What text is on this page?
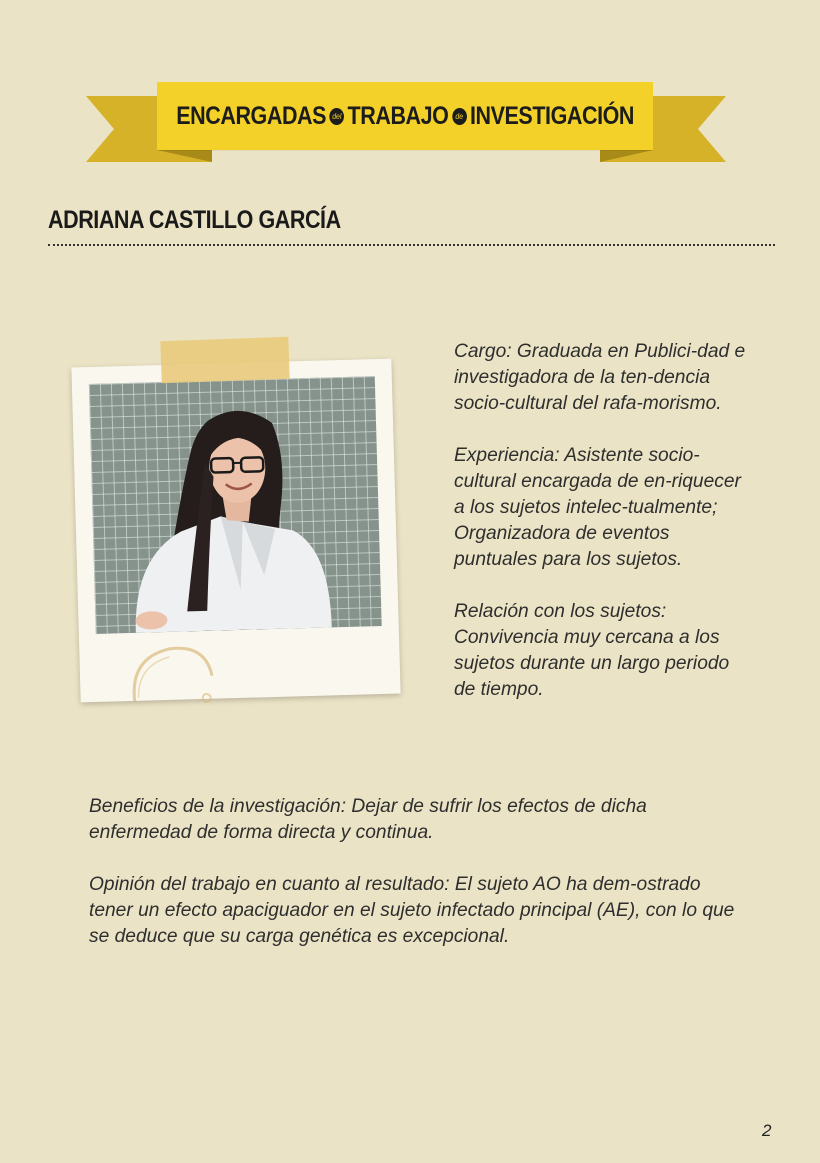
ENCARGADAS del TRABAJO de INVESTIGACIÓN
ADRIANA CASTILLO GARCÍA

Cargo: Graduada en Publici-dad e investigadora de la ten-dencia socio-cultural del rafa-morismo.

Experiencia: Asistente socio-cultural encargada de en-riquecer a los sujetos intelec-tualmente; Organizadora de eventos puntuales para los sujetos.

Relación con los sujetos: Convivencia muy cercana a los sujetos durante un largo periodo de tiempo.

Beneficios de la investigación: Dejar de sufrir los efectos de dicha enfermedad de forma directa y continua.

Opinión del trabajo en cuanto al resultado: El sujeto AO ha dem-ostrado tener un efecto apaciguador en el sujeto infectado principal (AE), con lo que se deduce que su carga genética es excepcional.

2
